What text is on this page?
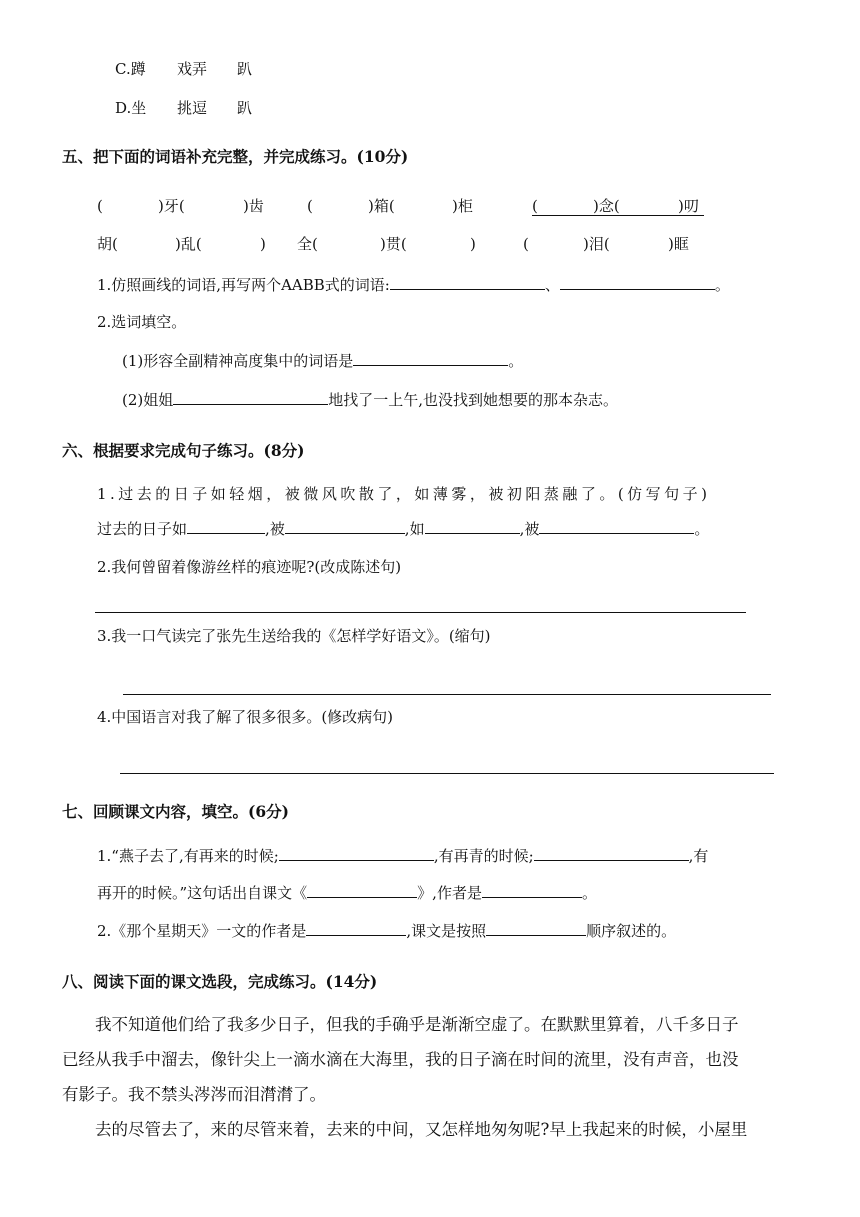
C.蹲 戏弄 趴
D.坐 挑逗 趴
五、把下面的词语补充完整，并完成练习。(10分)
(	)牙(	)齿	(	)箱(	)柜	(	)念(	)叨
胡(	)乱(	) 全(	)贯(	)	(	)泪(	)眶
1.仿照画线的词语,再写两个AABB式的词语:	、	。
2.选词填空。
(1)形容全副精神高度集中的词语是	。
(2)姐姐	地找了一上午,也没找到她想要的那本杂志。
六、根据要求完成句子练习。(8分)
1.过去的日子如轻烟，被微风吹散了，如薄雾，被初阳蒸融了。(仿写句子)
过去的日子如	,被	,如	,被	。
2.我何曾留着像游丝样的痕迹呢?(改成陈述句)
3.我一口气读完了张先生送给我的《怎样学好语文》。(缩句)
4.中国语言对我了解了很多很多。(修改病句)
七、回顾课文内容，填空。(6分)
1.“燕子去了,有再来的时候;	,有再青的时候;	,有
再开的时候。”这句话出自课文《	》,作者是	。
2.《那个星期天》一文的作者是	,课文是按照	顺序叙述的。
八、阅读下面的课文选段，完成练习。(14分)
我不知道他们给了我多少日子，但我的手确乎是渐渐空虚了。在默默里算着，八千多日子
已经从我手中溜去，像针尖上一滴水滴在大海里，我的日子滴在时间的流里，没有声音，也没
有影子。我不禁头涔涔而泪潸潸了。
去的尽管去了，来的尽管来着，去来的中间，又怎样地匆匆呢?早上我起来的时候，小屋里
